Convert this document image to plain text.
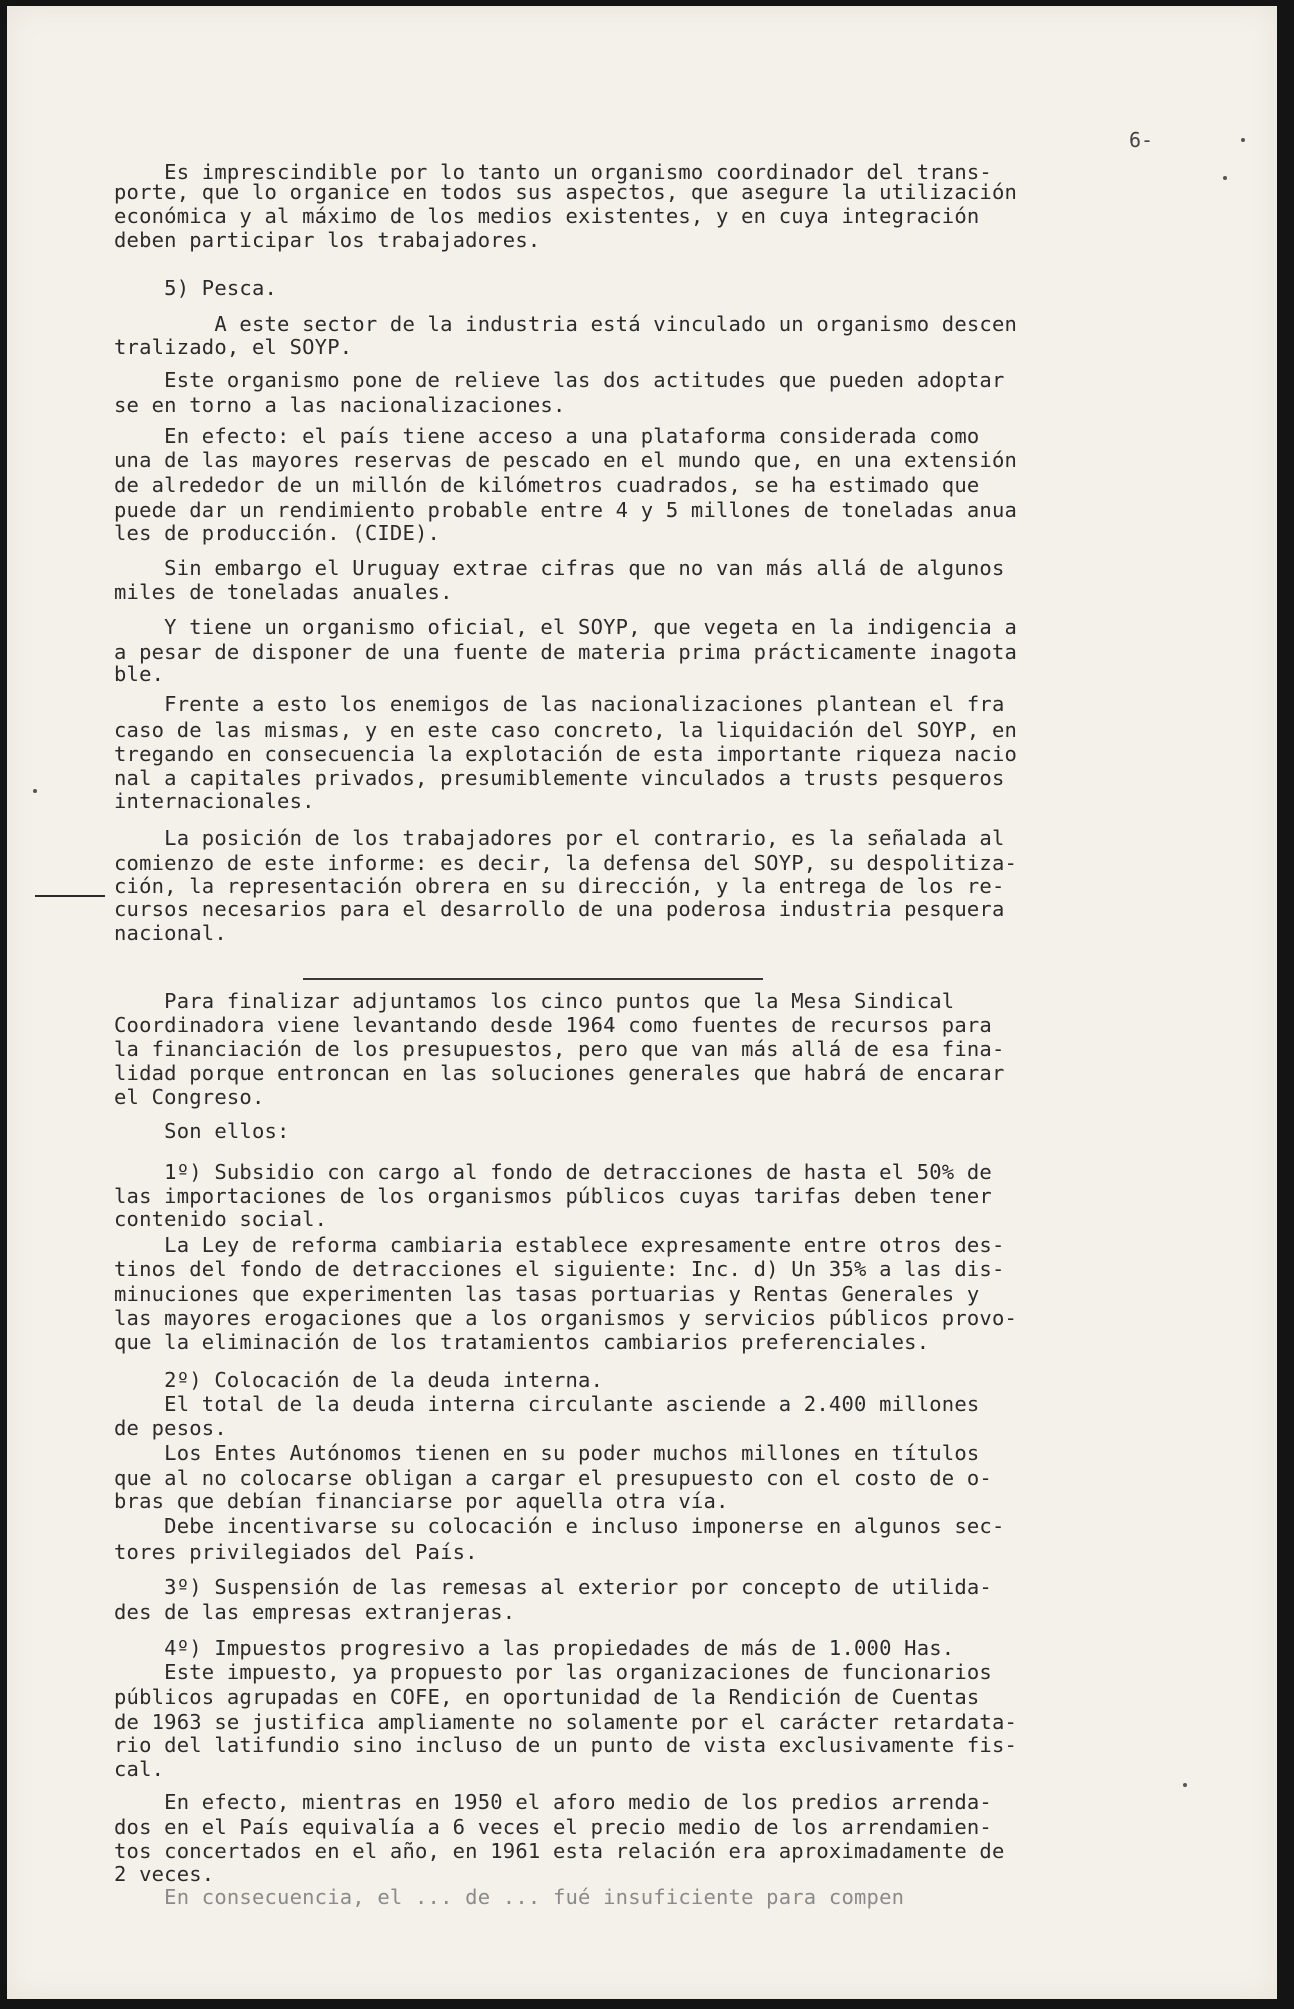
6-
Es imprescindible por lo tanto un organismo coordinador del trans-
porte, que lo organice en todos sus aspectos, que asegure la utilización
económica y al máximo de los medios existentes, y en cuya integración
deben participar los trabajadores.
5) Pesca.
A este sector de la industria está vinculado un organismo descen
tralizado, el SOYP.
Este organismo pone de relieve las dos actitudes que pueden adoptar
se en torno a las nacionalizaciones.
En efecto: el país tiene acceso a una plataforma considerada como
una de las mayores reservas de pescado en el mundo que, en una extensión
de alrededor de un millón de kilómetros cuadrados, se ha estimado que
puede dar un rendimiento probable entre 4 y 5 millones de toneladas anua
les de producción. (CIDE).
Sin embargo el Uruguay extrae cifras que no van más allá de algunos
miles de toneladas anuales.
Y tiene un organismo oficial, el SOYP, que vegeta en la indigencia a
a pesar de disponer de una fuente de materia prima prácticamente inagota
ble.
Frente a esto los enemigos de las nacionalizaciones plantean el fra
caso de las mismas, y en este caso concreto, la liquidación del SOYP, en
tregando en consecuencia la explotación de esta importante riqueza nacio
nal a capitales privados, presumiblemente vinculados a trusts pesqueros
internacionales.
La posición de los trabajadores por el contrario, es la señalada al
comienzo de este informe: es decir, la defensa del SOYP, su despolitiza-
ción, la representación obrera en su dirección, y la entrega de los re-
cursos necesarios para el desarrollo de una poderosa industria pesquera
nacional.
Para finalizar adjuntamos los cinco puntos que la Mesa Sindical
Coordinadora viene levantando desde 1964 como fuentes de recursos para
la financiación de los presupuestos, pero que van más allá de esa fina-
lidad porque entroncan en las soluciones generales que habrá de encarar
el Congreso.
Son ellos:
1º) Subsidio con cargo al fondo de detracciones de hasta el 50% de
las importaciones de los organismos públicos cuyas tarifas deben tener
contenido social.
La Ley de reforma cambiaria establece expresamente entre otros des-
tinos del fondo de detracciones el siguiente: Inc. d) Un 35% a las dis-
minuciones que experimenten las tasas portuarias y Rentas Generales y
las mayores erogaciones que a los organismos y servicios públicos provo-
que la eliminación de los tratamientos cambiarios preferenciales.
2º) Colocación de la deuda interna.
El total de la deuda interna circulante asciende a 2.400 millones
de pesos.
Los Entes Autónomos tienen en su poder muchos millones en títulos
que al no colocarse obligan a cargar el presupuesto con el costo de o-
bras que debían financiarse por aquella otra vía.
Debe incentivarse su colocación e incluso imponerse en algunos sec-
tores privilegiados del País.
3º) Suspensión de las remesas al exterior por concepto de utilida-
des de las empresas extranjeras.
4º) Impuestos progresivo a las propiedades de más de 1.000 Has.
Este impuesto, ya propuesto por las organizaciones de funcionarios
públicos agrupadas en COFE, en oportunidad de la Rendición de Cuentas
de 1963 se justifica ampliamente no solamente por el carácter retardata-
rio del latifundio sino incluso de un punto de vista exclusivamente fis-
cal.
En efecto, mientras en 1950 el aforo medio de los predios arrenda-
dos en el País equivalía a 6 veces el precio medio de los arrendamien-
tos concertados en el año, en 1961 esta relación era aproximadamente de
2 veces.
En consecuencia, el ... de ... fué insuficiente para compen
